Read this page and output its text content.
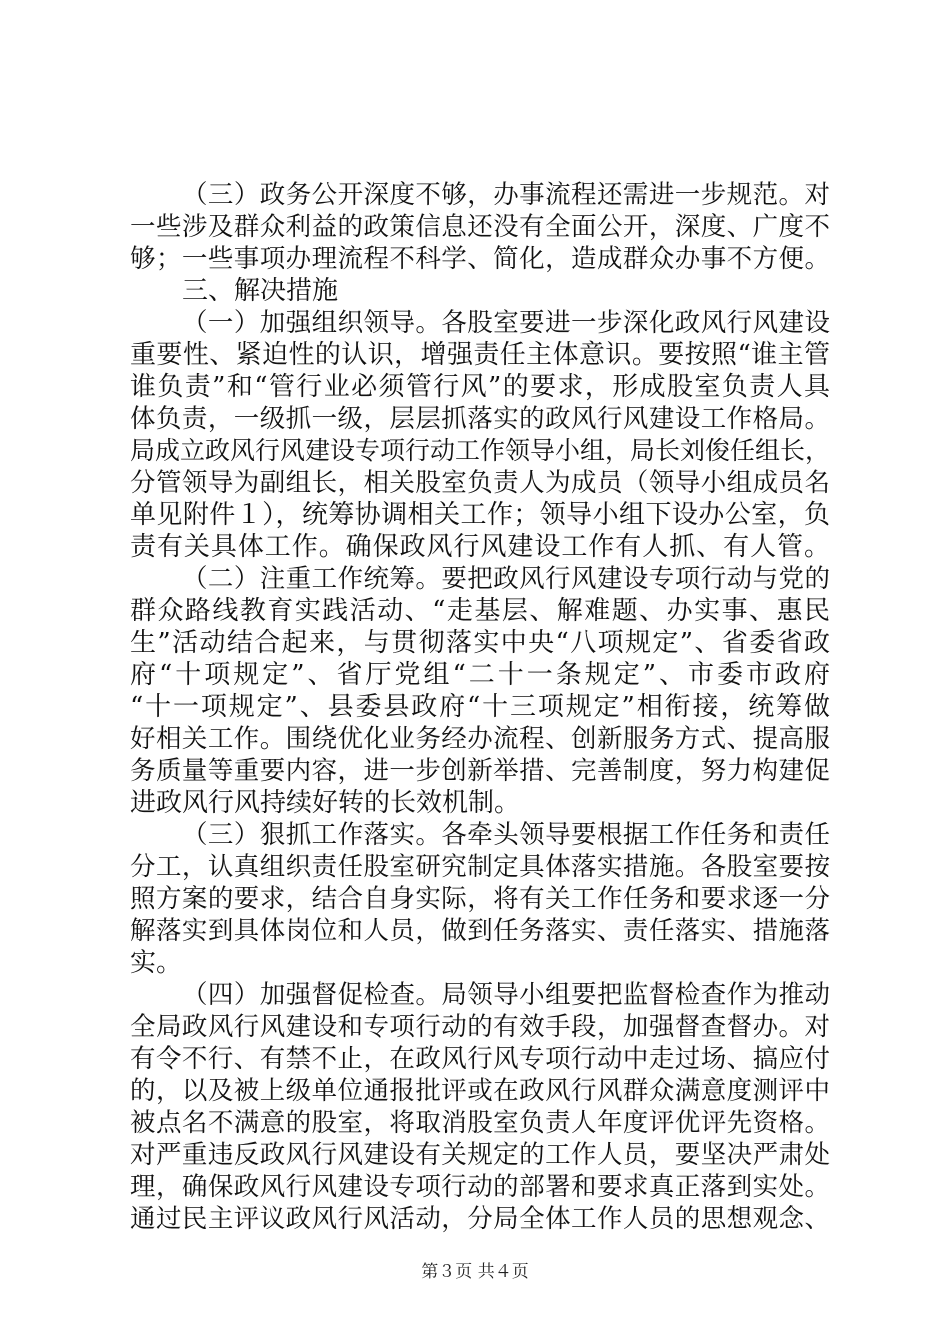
（三）政务公开深度不够，办事流程还需进一步规范。对
一些涉及群众利益的政策信息还没有全面公开，深度、广度不
够；一些事项办理流程不科学、简化，造成群众办事不方便。
三、解决措施
（一）加强组织领导。各股室要进一步深化政风行风建设
重要性、紧迫性的认识，增强责任主体意识。要按照“谁主管
谁负责”和“管行业必须管行风”的要求，形成股室负责人具
体负责，一级抓一级，层层抓落实的政风行风建设工作格局。
局成立政风行风建设专项行动工作领导小组，局长刘俊任组长，
分管领导为副组长，相关股室负责人为成员（领导小组成员名
单见附件１），统筹协调相关工作；领导小组下设办公室，负
责有关具体工作。确保政风行风建设工作有人抓、有人管。
（二）注重工作统筹。要把政风行风建设专项行动与党的
群众路线教育实践活动、“走基层、解难题、办实事、惠民
生”活动结合起来，与贯彻落实中央“八项规定”、省委省政
府“十项规定”、省厅党组“二十一条规定”、市委市政府
“十一项规定”、县委县政府“十三项规定”相衔接，统筹做
好相关工作。围绕优化业务经办流程、创新服务方式、提高服
务质量等重要内容，进一步创新举措、完善制度，努力构建促
进政风行风持续好转的长效机制。
（三）狠抓工作落实。各牵头领导要根据工作任务和责任
分工，认真组织责任股室研究制定具体落实措施。各股室要按
照方案的要求，结合自身实际，将有关工作任务和要求逐一分
解落实到具体岗位和人员，做到任务落实、责任落实、措施落
实。
（四）加强督促检查。局领导小组要把监督检查作为推动
全局政风行风建设和专项行动的有效手段，加强督查督办。对
有令不行、有禁不止，在政风行风专项行动中走过场、搞应付
的，以及被上级单位通报批评或在政风行风群众满意度测评中
被点名不满意的股室，将取消股室负责人年度评优评先资格。
对严重违反政风行风建设有关规定的工作人员，要坚决严肃处
理，确保政风行风建设专项行动的部署和要求真正落到实处。
通过民主评议政风行风活动，分局全体工作人员的思想观念、
第３页 共４页
